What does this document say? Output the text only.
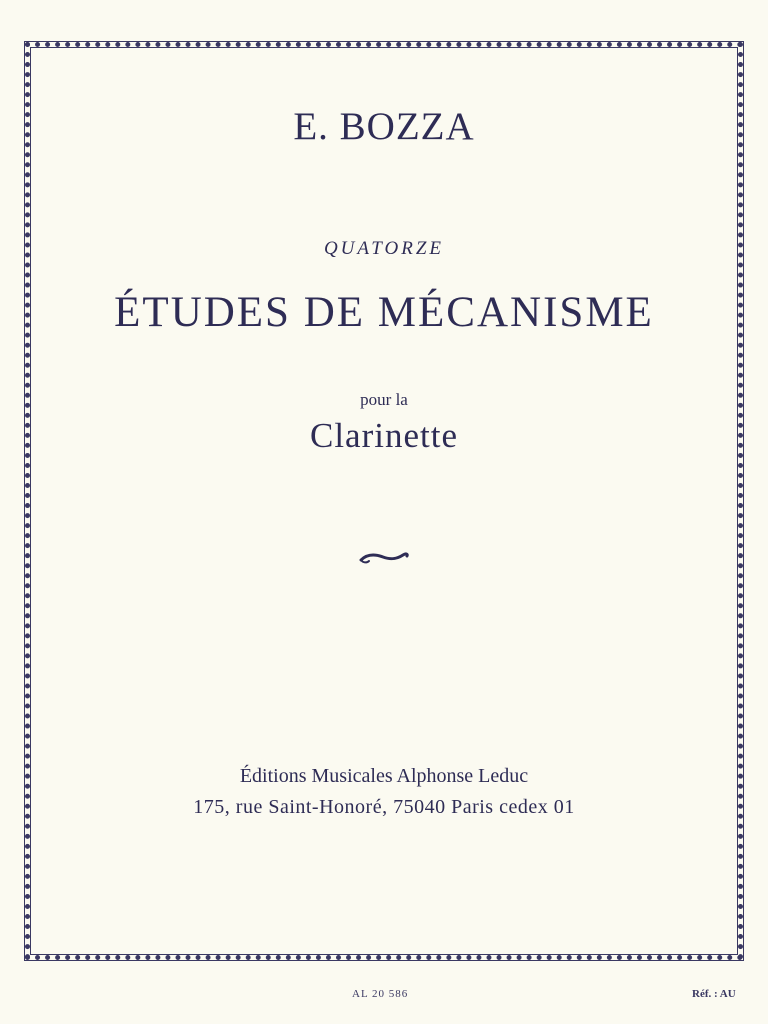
E. BOZZA
QUATORZE
ÉTUDES DE MÉCANISME
pour la
Clarinette
Éditions Musicales Alphonse Leduc
175, rue Saint-Honoré, 75040 Paris cedex 01
AL 20 586	Réf. : AU
